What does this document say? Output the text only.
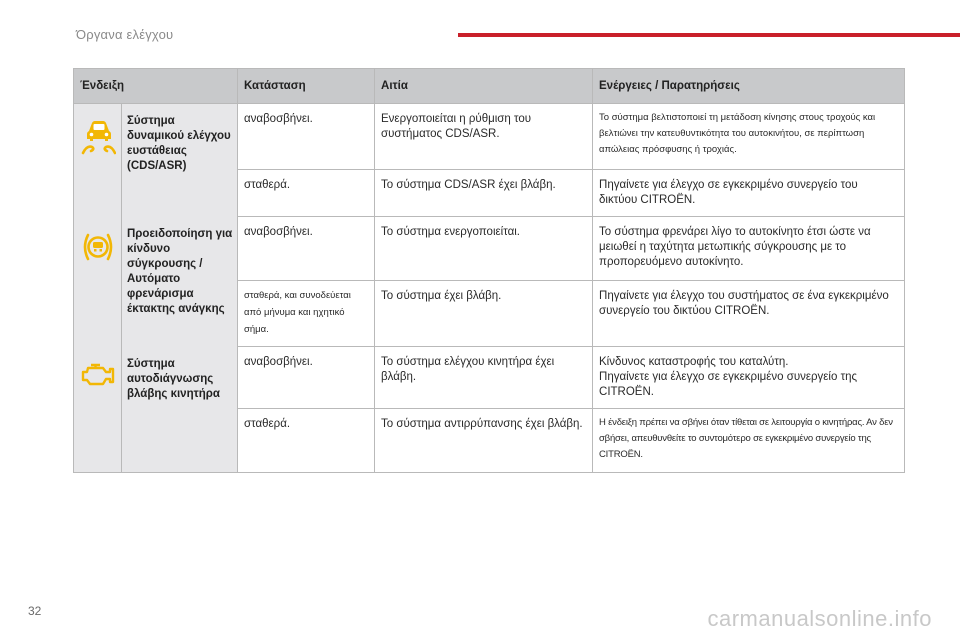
Όργανα ελέγχου
Ένδειξη		Κατάσταση	Αιτία	Ενέργειες / Παρατηρήσεις
	Σύστημα δυναμικού ελέγχου ευστάθειας (CDS/ASR)	αναβοσβήνει.	Ενεργοποιείται η ρύθμιση του συστήματος CDS/ASR.	Το σύστημα βελτιστοποιεί τη μετάδοση κίνησης στους τροχούς και βελτιώνει την κατευθυντικότητα του αυτοκινήτου, σε περίπτωση απώλειας πρόσφυσης ή τροχιάς.
		σταθερά.	Το σύστημα CDS/ASR έχει βλάβη.	Πηγαίνετε για έλεγχο σε εγκεκριμένο συνεργείο του δικτύου CITROËN.
	Προειδοποίηση για κίνδυνο σύγκρουσης / Αυτόματο φρενάρισμα έκτακτης ανάγκης	αναβοσβήνει.	Το σύστημα ενεργοποιείται.	Το σύστημα φρενάρει λίγο το αυτοκίνητο έτσι ώστε να μειωθεί η ταχύτητα μετωπικής σύγκρουσης με το προπορευόμενο αυτοκίνητο.
		σταθερά, και συνοδεύεται από μήνυμα και ηχητικό σήμα.	Το σύστημα έχει βλάβη.	Πηγαίνετε για έλεγχο του συστήματος σε ένα εγκεκριμένο συνεργείο του δικτύου CITROËN.
	Σύστημα αυτοδιάγνωσης βλάβης κινητήρα	αναβοσβήνει.	Το σύστημα ελέγχου κινητήρα έχει βλάβη.	Κίνδυνος καταστροφής του καταλύτη.
Πηγαίνετε για έλεγχο σε εγκεκριμένο συνεργείο της CITROËN.

		σταθερά.	Το σύστημα αντιρρύπανσης έχει βλάβη.	Η ένδειξη πρέπει να σβήνει όταν τίθεται σε λειτουργία ο κινητήρας. Αν δεν σβήσει, απευθυνθείτε το συντομότερο σε εγκεκριμένο συνεργείο της CITROËN.
32	carmanualsonline.info
